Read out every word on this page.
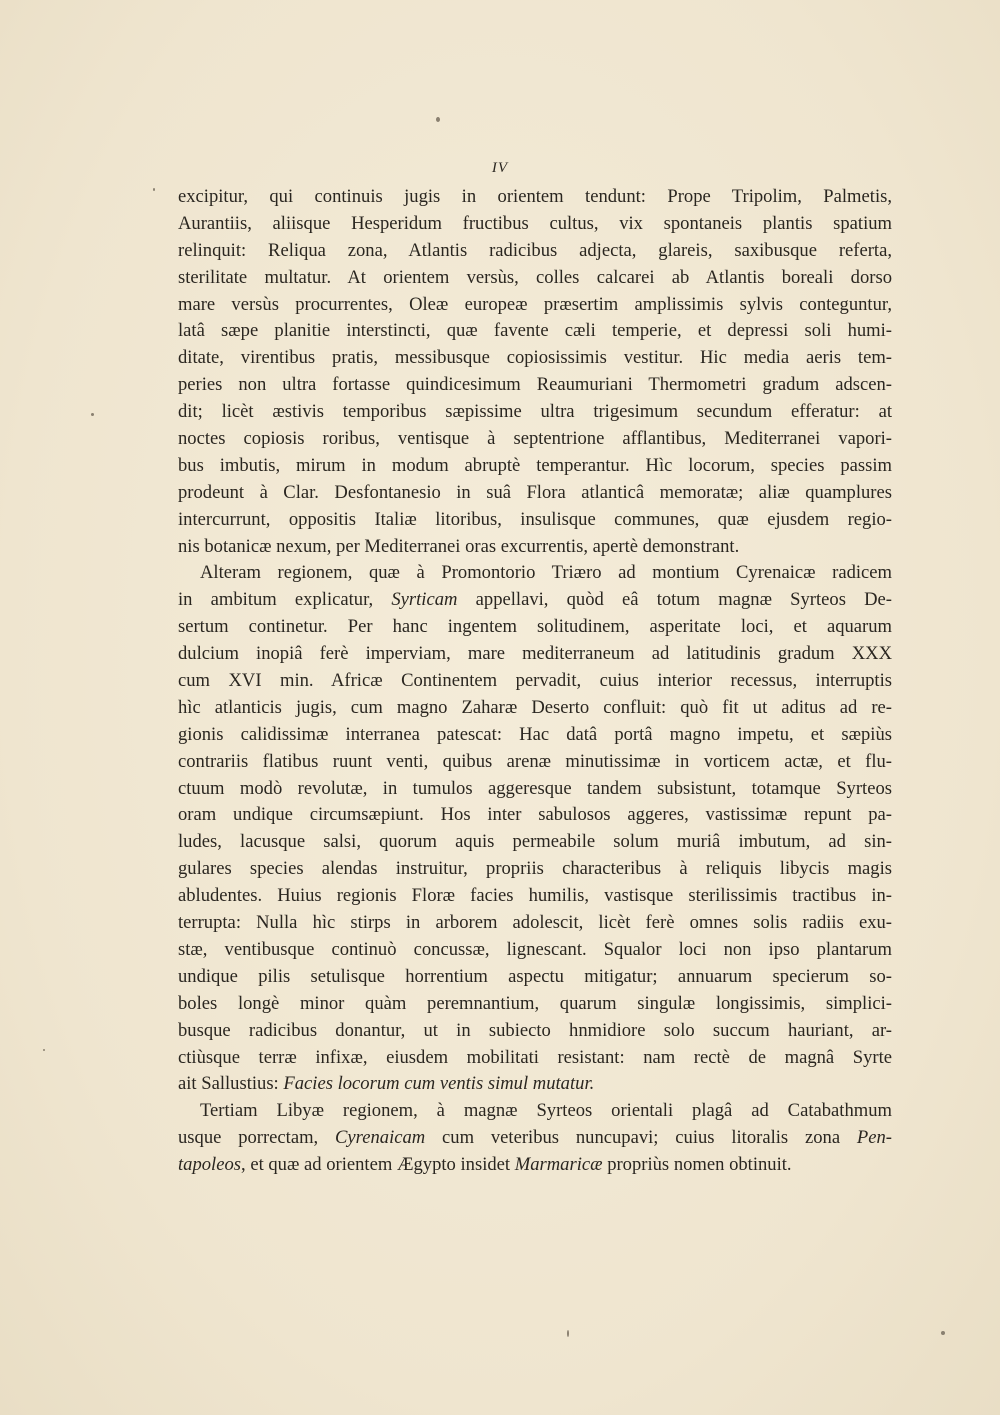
IV
excipitur, qui continuis jugis in orientem tendunt: Prope Tripolim, Palmetis,
Aurantiis, aliisque Hesperidum fructibus cultus, vix spontaneis plantis spatium
relinquit: Reliqua zona, Atlantis radicibus adjecta, glareis, saxibusque referta,
sterilitate multatur. At orientem versùs, colles calcarei ab Atlantis boreali dorso
mare versùs procurrentes, Oleæ europeæ præsertim amplissimis sylvis conteguntur,
latâ sæpe planitie interstincti, quæ favente cæli temperie, et depressi soli humi-
ditate, virentibus pratis, messibusque copiosissimis vestitur. Hic media aeris tem-
peries non ultra fortasse quindicesimum Reaumuriani Thermometri gradum adscen-
dit; licèt æstivis temporibus sæpissime ultra trigesimum secundum efferatur: at
noctes copiosis roribus, ventisque à septentrione afflantibus, Mediterranei vapori-
bus imbutis, mirum in modum abruptè temperantur. Hìc locorum, species passim
prodeunt à Clar. Desfontanesio in suâ Flora atlanticâ memoratæ; aliæ quamplures
intercurrunt, oppositis Italiæ litoribus, insulisque communes, quæ ejusdem regio-
nis botanicæ nexum, per Mediterranei oras excurrentis, apertè demonstrant.
Alteram regionem, quæ à Promontorio Triæro ad montium Cyrenaicæ radicem
in ambitum explicatur, Syrticam appellavi, quòd eâ totum magnæ Syrteos De-
sertum continetur. Per hanc ingentem solitudinem, asperitate loci, et aquarum
dulcium inopiâ ferè imperviam, mare mediterraneum ad latitudinis gradum XXX
cum XVI min. Africæ Continentem pervadit, cuius interior recessus, interruptis
hìc atlanticis jugis, cum magno Zaharæ Deserto confluit: quò fit ut aditus ad re-
gionis calidissimæ interranea patescat: Hac datâ portâ magno impetu, et sæpiùs
contrariis flatibus ruunt venti, quibus arenæ minutissimæ in vorticem actæ, et flu-
ctuum modò revolutæ, in tumulos aggeresque tandem subsistunt, totamque Syrteos
oram undique circumsæpiunt. Hos inter sabulosos aggeres, vastissimæ repunt pa-
ludes, lacusque salsi, quorum aquis permeabile solum muriâ imbutum, ad sin-
gulares species alendas instruitur, propriis characteribus à reliquis libycis magis
abludentes. Huius regionis Floræ facies humilis, vastisque sterilissimis tractibus in-
terrupta: Nulla hìc stirps in arborem adolescit, licèt ferè omnes solis radiis exu-
stæ, ventibusque continuò concussæ, lignescant. Squalor loci non ipso plantarum
undique pilis setulisque horrentium aspectu mitigatur; annuarum specierum so-
boles longè minor quàm peremnantium, quarum singulæ longissimis, simplici-
busque radicibus donantur, ut in subiecto hnmidiore solo succum hauriant, ar-
ctiùsque terræ infixæ, eiusdem mobilitati resistant: nam rectè de magnâ Syrte
ait Sallustius: Facies locorum cum ventis simul mutatur.
Tertiam Libyæ regionem, à magnæ Syrteos orientali plagâ ad Catabathmum
usque porrectam, Cyrenaicam cum veteribus nuncupavi; cuius litoralis zona Pen-
tapoleos, et quæ ad orientem Ægypto insidet Marmaricæ propriùs nomen obtinuit.
